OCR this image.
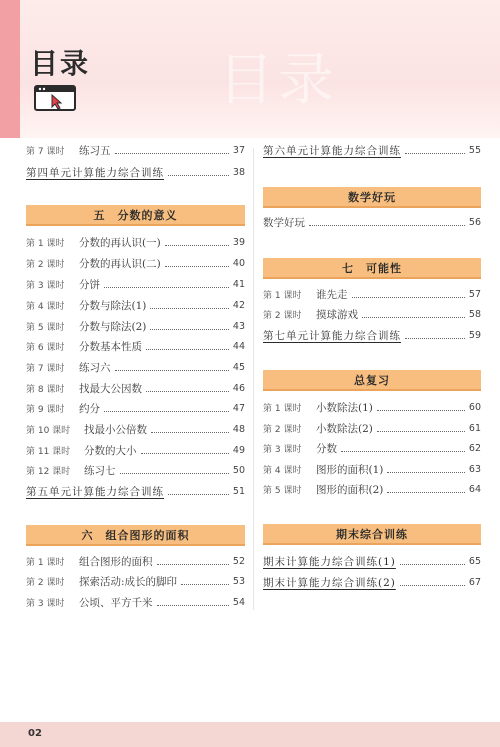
目录
目录
第 7 课时	练习五	37
第四单元计算能力综合训练	38
五　分数的意义
第 1 课时	分数的再认识(一)	39
第 2 课时	分数的再认识(二)	40
第 3 课时	分饼	41
第 4 课时	分数与除法(1)	42
第 5 课时	分数与除法(2)	43
第 6 课时	分数基本性质	44
第 7 课时	练习六	45
第 8 课时	找最大公因数	46
第 9 课时	约分	47
第 10 课时	找最小公倍数	48
第 11 课时	分数的大小	49
第 12 课时	练习七	50
第五单元计算能力综合训练	51
六　组合图形的面积
第 1 课时	组合图形的面积	52
第 2 课时	探索活动:成长的脚印	53
第 3 课时	公顷、平方千米	54
第六单元计算能力综合训练	55
数学好玩
数学好玩	56
七　可能性
第 1 课时	谁先走	57
第 2 课时	摸球游戏	58
第七单元计算能力综合训练	59
总复习
第 1 课时	小数除法(1)	60
第 2 课时	小数除法(2)	61
第 3 课时	分数	62
第 4 课时	图形的面积(1)	63
第 5 课时	图形的面积(2)	64
期末综合训练
期末计算能力综合训练(1)	65
期末计算能力综合训练(2)	67
02
